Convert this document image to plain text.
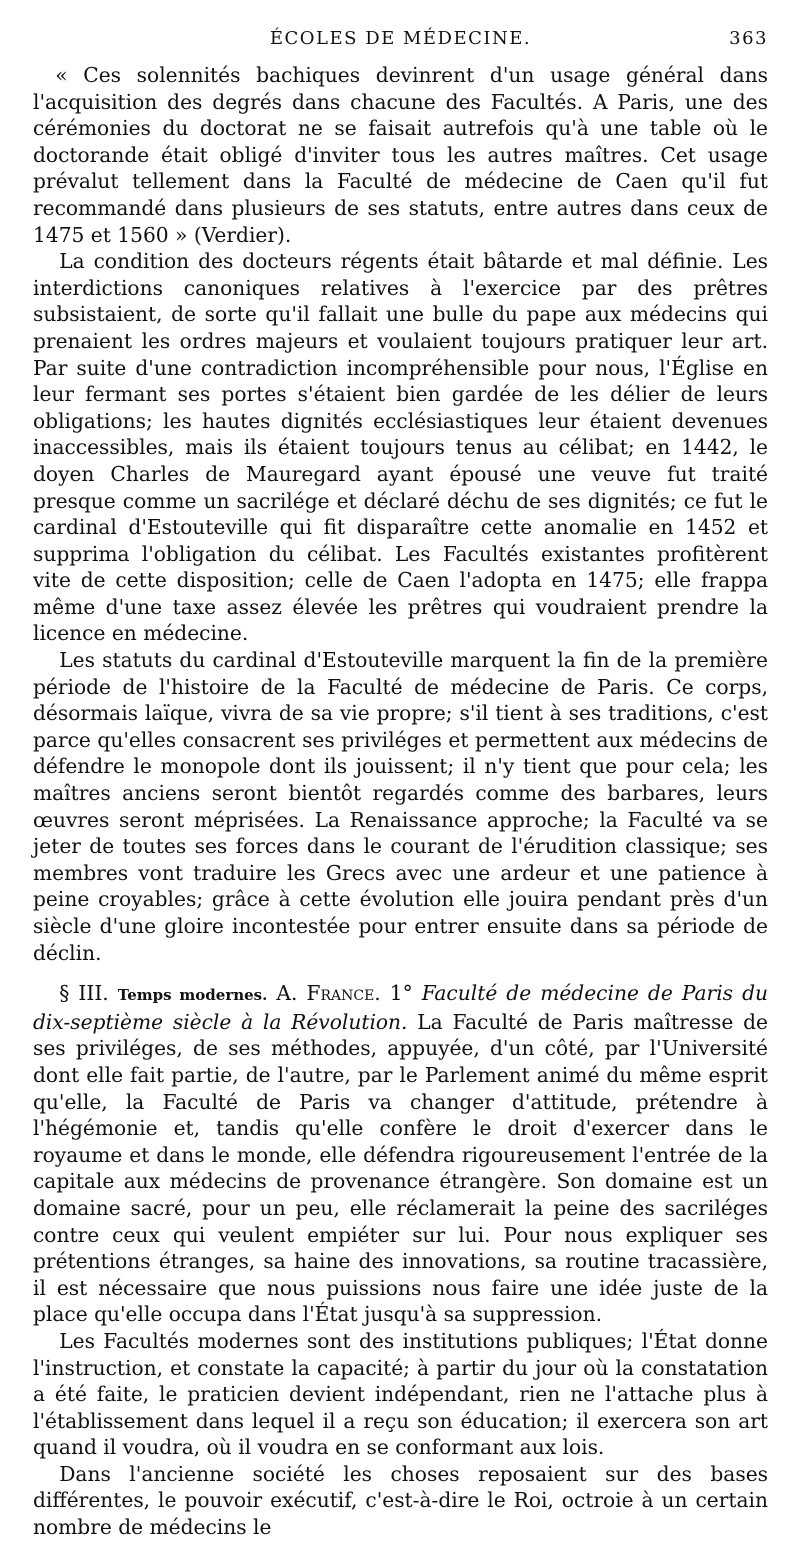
ÉCOLES DE MÉDECINE.	363

« Ces solennités bachiques devinrent d'un usage général dans l'acquisition des degrés dans chacune des Facultés. A Paris, une des cérémonies du doctorat ne se faisait autrefois qu'à une table où le doctorande était obligé d'inviter tous les autres maîtres. Cet usage prévalut tellement dans la Faculté de médecine de Caen qu'il fut recommandé dans plusieurs de ses statuts, entre autres dans ceux de 1475 et 1560 » (Verdier).

La condition des docteurs régents était bâtarde et mal définie. Les interdictions canoniques relatives à l'exercice par des prêtres subsistaient, de sorte qu'il fallait une bulle du pape aux médecins qui prenaient les ordres majeurs et voulaient toujours pratiquer leur art. Par suite d'une contradiction incompréhensible pour nous, l'Église en leur fermant ses portes s'étaient bien gardée de les délier de leurs obligations; les hautes dignités ecclésiastiques leur étaient devenues inaccessibles, mais ils étaient toujours tenus au célibat; en 1442, le doyen Charles de Mauregard ayant épousé une veuve fut traité presque comme un sacrilége et déclaré déchu de ses dignités; ce fut le cardinal d'Estouteville qui fit disparaître cette anomalie en 1452 et supprima l'obligation du célibat. Les Facultés existantes profitèrent vite de cette disposition; celle de Caen l'adopta en 1475; elle frappa même d'une taxe assez élevée les prêtres qui voudraient prendre la licence en médecine.

Les statuts du cardinal d'Estouteville marquent la fin de la première période de l'histoire de la Faculté de médecine de Paris. Ce corps, désormais laïque, vivra de sa vie propre; s'il tient à ses traditions, c'est parce qu'elles consacrent ses priviléges et permettent aux médecins de défendre le monopole dont ils jouissent; il n'y tient que pour cela; les maîtres anciens seront bientôt regardés comme des barbares, leurs œuvres seront méprisées. La Renaissance approche; la Faculté va se jeter de toutes ses forces dans le courant de l'érudition classique; ses membres vont traduire les Grecs avec une ardeur et une patience à peine croyables; grâce à cette évolution elle jouira pendant près d'un siècle d'une gloire incontestée pour entrer ensuite dans sa période de déclin.

§ III. Temps modernes. A. France. 1° Faculté de médecine de Paris du dix-septième siècle à la Révolution. La Faculté de Paris maîtresse de ses priviléges, de ses méthodes, appuyée, d'un côté, par l'Université dont elle fait partie, de l'autre, par le Parlement animé du même esprit qu'elle, la Faculté de Paris va changer d'attitude, prétendre à l'hégémonie et, tandis qu'elle confère le droit d'exercer dans le royaume et dans le monde, elle défendra rigoureusement l'entrée de la capitale aux médecins de provenance étrangère. Son domaine est un domaine sacré, pour un peu, elle réclamerait la peine des sacriléges contre ceux qui veulent empiéter sur lui. Pour nous expliquer ses prétentions étranges, sa haine des innovations, sa routine tracassière, il est nécessaire que nous puissions nous faire une idée juste de la place qu'elle occupa dans l'État jusqu'à sa suppression.

Les Facultés modernes sont des institutions publiques; l'État donne l'instruction, et constate la capacité; à partir du jour où la constatation a été faite, le praticien devient indépendant, rien ne l'attache plus à l'établissement dans lequel il a reçu son éducation; il exercera son art quand il voudra, où il voudra en se conformant aux lois.

Dans l'ancienne société les choses reposaient sur des bases différentes, le pouvoir exécutif, c'est-à-dire le Roi, octroie à un certain nombre de médecins le
